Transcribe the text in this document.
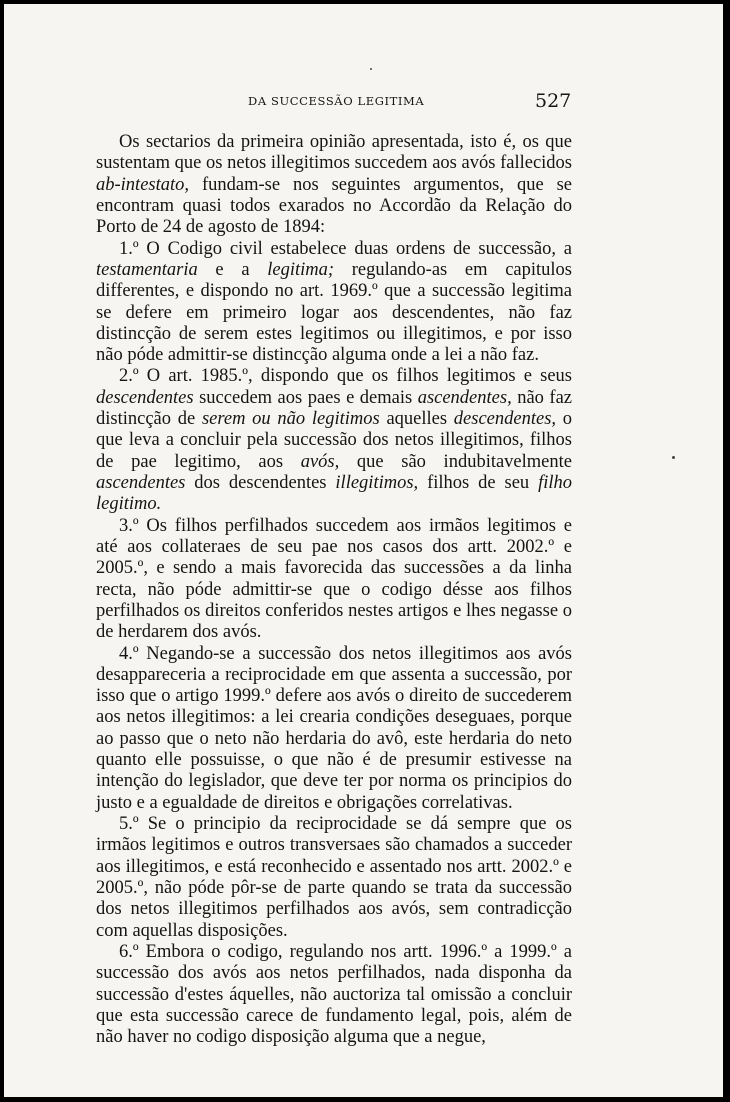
DA SUCCESSÃO LEGITIMA	527

Os sectarios da primeira opinião apresentada, isto é, os que sustentam que os netos illegitimos succedem aos avós fallecidos ab-intestato, fundam-se nos seguintes argumentos, que se encontram quasi todos exarados no Accordão da Relação do Porto de 24 de agosto de 1894:

1.º O Codigo civil estabelece duas ordens de successão, a testamentaria e a legitima; regulando-as em capitulos differentes, e dispondo no art. 1969.º que a successão legitima se defere em primeiro logar aos descendentes, não faz distincção de serem estes legitimos ou illegitimos, e por isso não póde admittir-se distincção alguma onde a lei a não faz.

2.º O art. 1985.º, dispondo que os filhos legitimos e seus descendentes succedem aos paes e demais ascendentes, não faz distincção de serem ou não legitimos aquelles descendentes, o que leva a concluir pela successão dos netos illegitimos, filhos de pae legitimo, aos avós, que são indubitavelmente ascendentes dos descendentes illegitimos, filhos de seu filho legitimo.

3.º Os filhos perfilhados succedem aos irmãos legitimos e até aos collateraes de seu pae nos casos dos artt. 2002.º e 2005.º, e sendo a mais favorecida das successões a da linha recta, não póde admittir-se que o codigo désse aos filhos perfilhados os direitos conferidos nestes artigos e lhes negasse o de herdarem dos avós.

4.º Negando-se a successão dos netos illegitimos aos avós desappareceria a reciprocidade em que assenta a successão, por isso que o artigo 1999.º defere aos avós o direito de succederem aos netos illegitimos: a lei crearia condições deseguaes, porque ao passo que o neto não herdaria do avô, este herdaria do neto quanto elle possuisse, o que não é de presumir estivesse na intenção do legislador, que deve ter por norma os principios do justo e a egualdade de direitos e obrigações correlativas.

5.º Se o principio da reciprocidade se dá sempre que os irmãos legitimos e outros transversaes são chamados a succeder aos illegitimos, e está reconhecido e assentado nos artt. 2002.º e 2005.º, não póde pôr-se de parte quando se trata da successão dos netos illegitimos perfilhados aos avós, sem contradicção com aquellas disposições.

6.º Embora o codigo, regulando nos artt. 1996.º a 1999.º a successão dos avós aos netos perfilhados, nada disponha da successão d'estes áquelles, não auctoriza tal omissão a concluir que esta successão carece de fundamento legal, pois, além de não haver no codigo disposição alguma que a negue,
